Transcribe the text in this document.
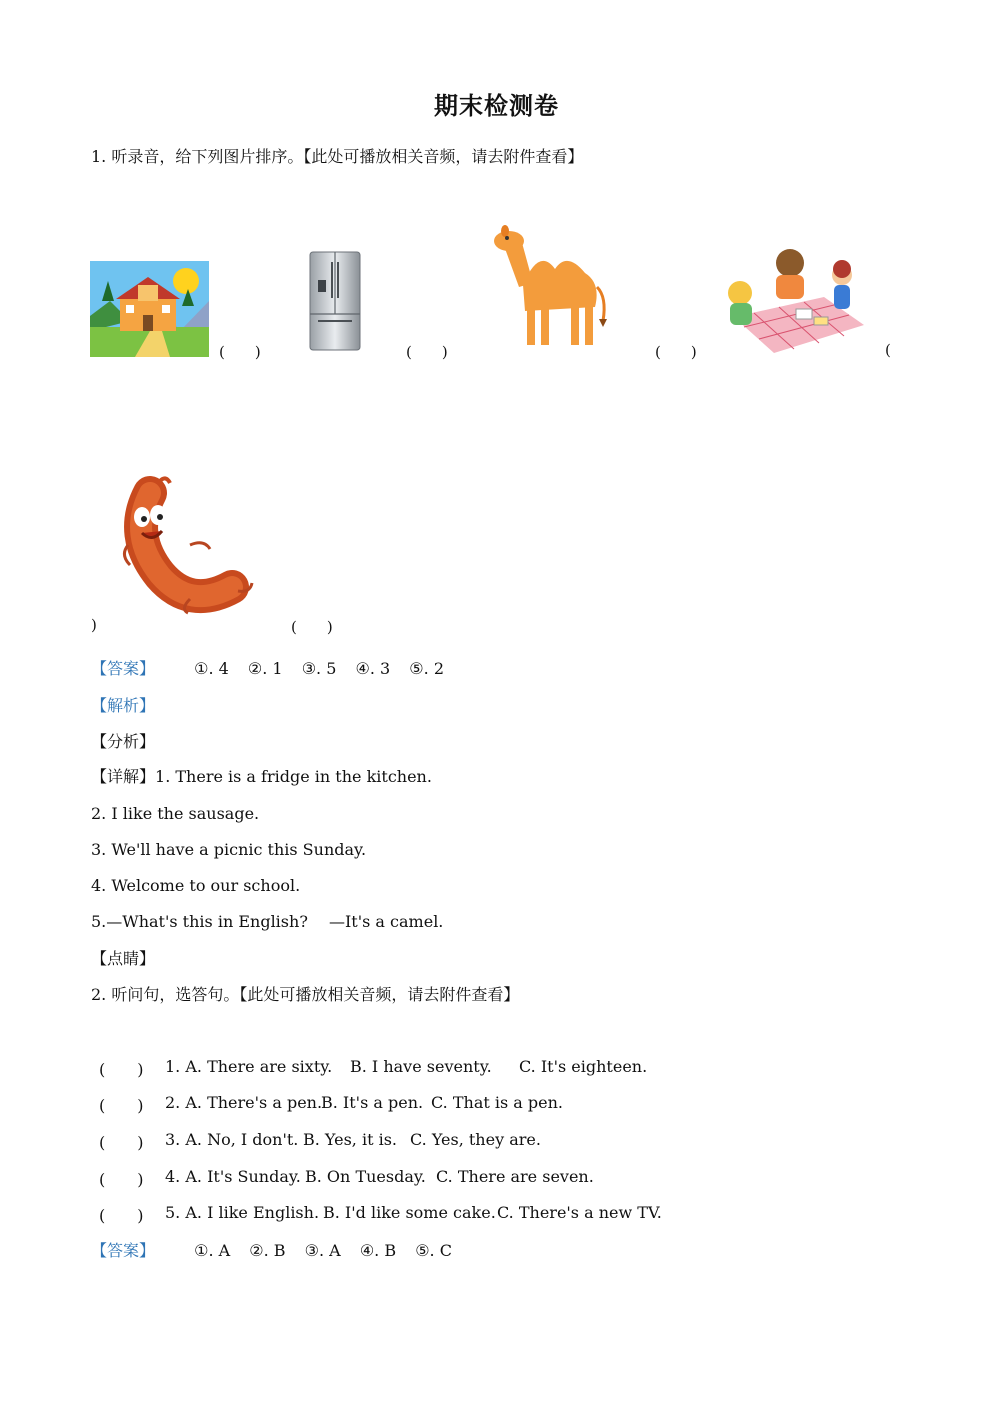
期末检测卷
1. 听录音，给下列图片排序。【此处可播放相关音频，请去附件查看】
(　　)	(　　)	(　　)	(
)	(　　)
【答案】 ①. 4 ②. 1 ③. 5 ④. 3 ⑤. 2
【解析】
【分析】
【详解】1. There is a fridge in the kitchen.
2. I like the sausage.
3. We'll have a picnic this Sunday.
4. Welcome to our school.
5.—What's this in English?　 —It's a camel.
【点睛】
2. 听问句，选答句。【此处可播放相关音频，请去附件查看】
(　　) 1. A. There are sixty. B. I have seventy. C. It's eighteen.
(　　) 2. A. There's a pen.
B. It's a pen. C. That is a pen.
(　　) 3. A. No, I don't. B. Yes, it is. C. Yes, they are.
(　　) 4. A. It's Sunday. B. On Tuesday. C. There are seven.
(　　) 5. A. I like English. B. I'd like some cake. C. There's a new TV.
【答案】 ①. A ②. B ③. A ④. B ⑤. C
